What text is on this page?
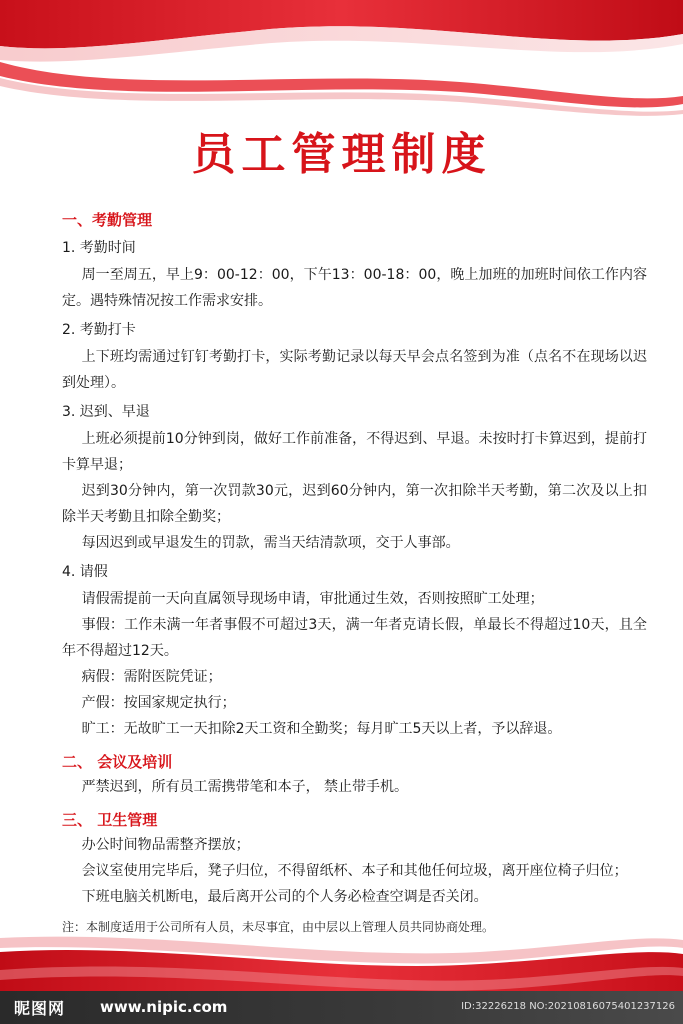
员工管理制度
一、考勤管理
1. 考勤时间
周一至周五，早上9：00-12：00，下午13：00-18：00，晚上加班的加班时间依工作内容定。遇特殊情况按工作需求安排。
2. 考勤打卡
上下班均需通过钉钉考勤打卡，实际考勤记录以每天早会点名签到为准（点名不在现场以迟到处理）。
3. 迟到、早退
上班必须提前10分钟到岗，做好工作前准备，不得迟到、早退。未按时打卡算迟到，提前打卡算早退；
迟到30分钟内，第一次罚款30元，迟到60分钟内，第一次扣除半天考勤，第二次及以上扣除半天考勤且扣除全勤奖；
每因迟到或早退发生的罚款，需当天结清款项，交于人事部。
4. 请假
请假需提前一天向直属领导现场申请，审批通过生效，否则按照旷工处理；
事假：工作未满一年者事假不可超过3天，满一年者克请长假，单最长不得超过10天，且全年不得超过12天。
病假：需附医院凭证；
产假：按国家规定执行；
旷工：无故旷工一天扣除2天工资和全勤奖；每月旷工5天以上者，予以辞退。
二、 会议及培训
严禁迟到，所有员工需携带笔和本子， 禁止带手机。
三、 卫生管理
办公时间物品需整齐摆放；
会议室使用完毕后，凳子归位，不得留纸杯、本子和其他任何垃圾，离开座位椅子归位；
下班电脑关机断电，最后离开公司的个人务必检查空调是否关闭。
注：本制度适用于公司所有人员，未尽事宜，由中层以上管理人员共同协商处理。
昵图网 www.nipic.com	ID:32226218 NO:20210816075401237126
